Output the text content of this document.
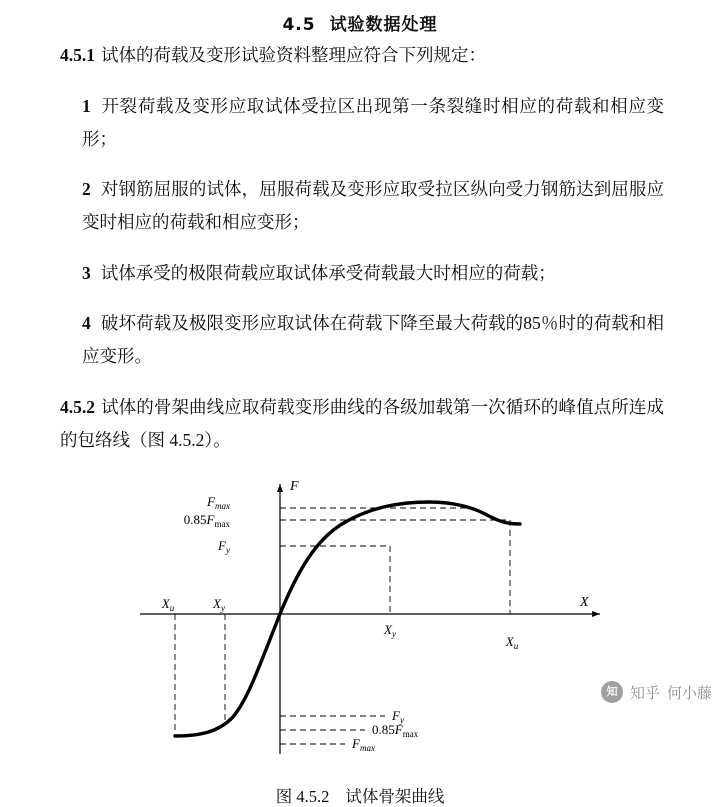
4.5 试验数据处理

4.5.1 试体的荷载及变形试验资料整理应符合下列规定：

1 开裂荷载及变形应取试体受拉区出现第一条裂缝时相应的荷载和相应变形；

2 对钢筋屈服的试体，屈服荷载及变形应取受拉区纵向受力钢筋达到屈服应变时相应的荷载和相应变形；

3 试体承受的极限荷载应取试体承受荷载最大时相应的荷载；

4 破坏荷载及极限变形应取试体在荷载下降至最大荷载的85％时的荷载和相应变形。

4.5.2 试体的骨架曲线应取荷载变形曲线的各级加载第一次循环的峰值点所连成的包络线（图 4.5.2）。

F
X
$F_{max}$
$0.85F_{max}$
$F_y$
$F_y$
$0.85F_{max}$
$F_{max}$
$X_u$	$X_y$
$X_y$	$X_u$
图 4.5.2 试体骨架曲线
知 知乎 何小藤
